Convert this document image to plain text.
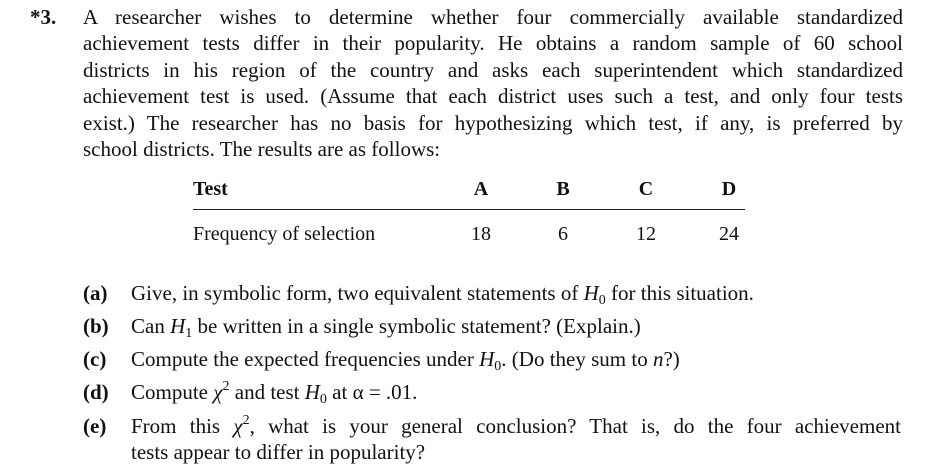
*3. A researcher wishes to determine whether four commercially available standardized
achievement tests differ in their popularity. He obtains a random sample of 60 school
districts in his region of the country and asks each superintendent which standardized
achievement test is used. (Assume that each district uses such a test, and only four tests
exist.) The researcher has no basis for hypothesizing which test, if any, is preferred by
school districts. The results are as follows:
Test	A	B	C	D
Frequency of selection	18	6	12	24
(a) Give, in symbolic form, two equivalent statements of $H_0$ for this situation.
(b) Can $H_1$ be written in a single symbolic statement? (Explain.)
(c) Compute the expected frequencies under $H_0$. (Do they sum to n?)
(d) Compute $\chi^2$ and test $H_0$ at α = .01.
(e) From this $\chi^2$, what is your general conclusion? That is, do the four achievement
tests appear to differ in popularity?
